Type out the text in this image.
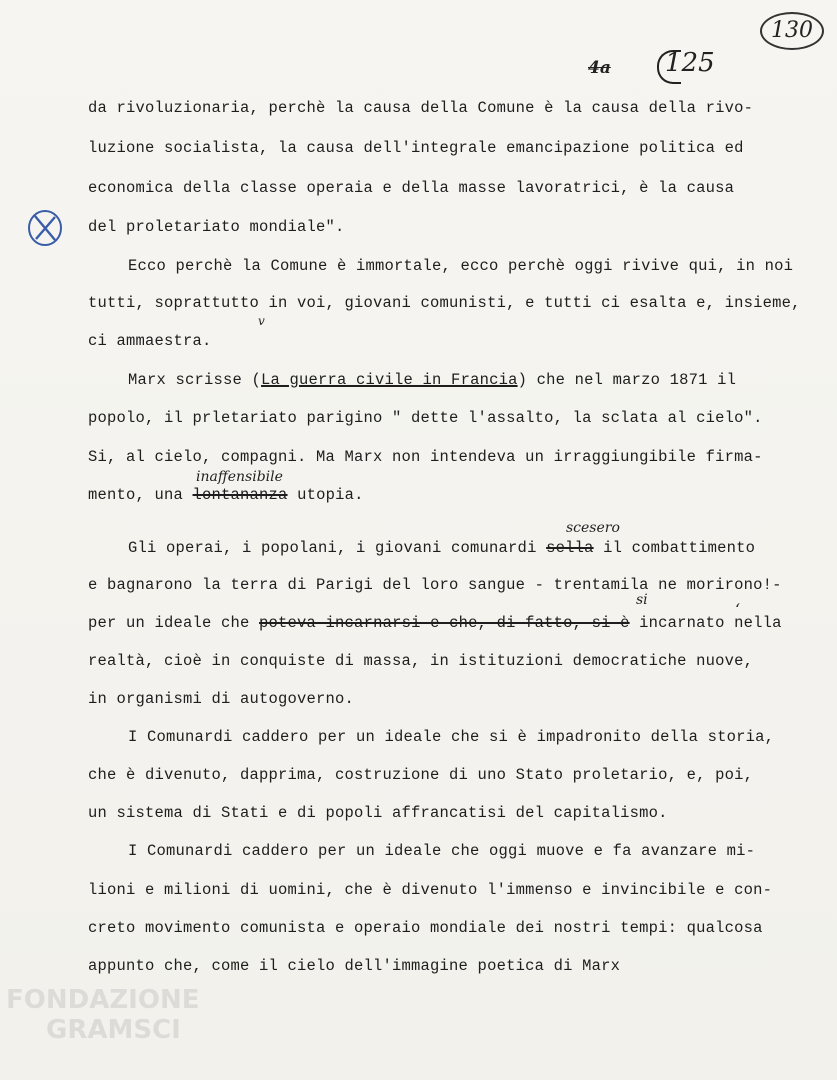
130
125
4a
da rivoluzionaria, perchè la causa della Comune è la causa della rivo-
luzione socialista, la causa dell'integrale emancipazione politica ed
economica della classe operaia e della masse lavoratrici, è la causa
del proletariato mondiale".
Ecco perchè la Comune è immortale, ecco perchè oggi rivive qui, in noi
tutti, soprattutto in voi, giovani comunisti, e tutti ci esalta e, insieme,
ci ammaestra.
Marx scrisse (La guerra civile in Francia) che nel marzo 1871 il
popolo, il prletariato parigino " dette l'assalto, la sclata al cielo".
Si, al cielo, compagni. Ma Marx non intendeva un irraggiungibile firma-
mento, una lontananza utopia.
Gli operai, i popolani, i giovani comunardi sella il combattimento
e bagnarono la terra di Parigi del loro sangue - trentamila ne morirono!-
per un ideale che poteva incarnarsi e che, di fatto, si è incarnato nella
realtà, cioè in conquiste di massa, in istituzioni democratiche nuove,
in organismi di autogoverno.
I Comunardi caddero per un ideale che si è impadronito della storia,
che è divenuto, dapprima, costruzione di uno Stato proletario, e, poi,
un sistema di Stati e di popoli affrancatisi del capitalismo.
I Comunardi caddero per un ideale che oggi muove e fa avanzare mi-
lioni e milioni di uomini, che è divenuto l'immenso e invincibile e con-
creto movimento comunista e operaio mondiale dei nostri tempi: qualcosa
appunto che, come il cielo dell'immagine poetica di Marx
inaffensibile
scesero
si	ʻ
v
FONDAZIONE
GRAMSCI
